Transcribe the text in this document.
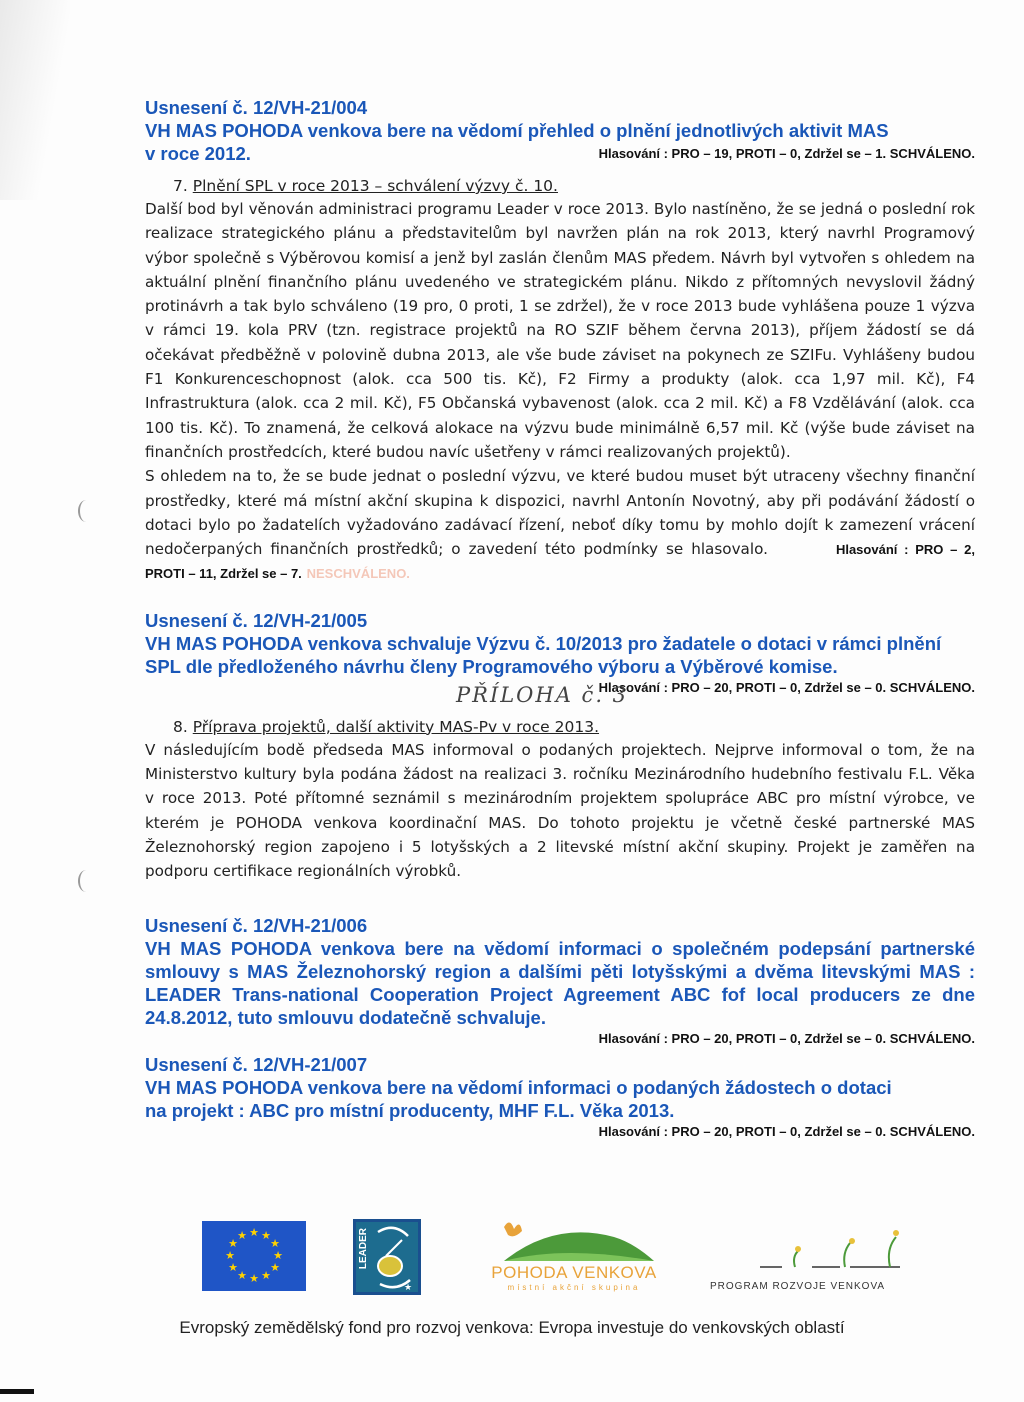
Usnesení č. 12/VH-21/004
VH MAS POHODA venkova bere na vědomí přehled o plnění jednotlivých aktivit MAS
Hlasování : PRO – 19, PROTI – 0, Zdržel se – 1. SCHVÁLENO.
v roce 2012.
7. Plnění SPL v roce 2013 – schválení výzvy č. 10.
Další bod byl věnován administraci programu Leader v roce 2013. Bylo nastíněno, že se jedná o poslední rok realizace strategického plánu a představitelům byl navržen plán na rok 2013, který navrhl Programový výbor společně s Výběrovou komisí a jenž byl zaslán členům MAS předem. Návrh byl vytvořen s ohledem na aktuální plnění finančního plánu uvedeného ve strategickém plánu. Nikdo z přítomných nevyslovil žádný protinávrh a tak bylo schváleno (19 pro, 0 proti, 1 se zdržel), že v roce 2013 bude vyhlášena pouze 1 výzva v rámci 19. kola PRV (tzn. registrace projektů na RO SZIF během června 2013), příjem žádostí se dá očekávat předběžně v polovině dubna 2013, ale vše bude záviset na pokynech ze SZIFu. Vyhlášeny budou F1 Konkurenceschopnost (alok. cca 500 tis. Kč), F2 Firmy a produkty (alok. cca 1,97 mil. Kč), F4 Infrastruktura (alok. cca 2 mil. Kč), F5 Občanská vybavenost (alok. cca 2 mil. Kč) a F8 Vzdělávání (alok. cca 100 tis. Kč). To znamená, že celková alokace na výzvu bude minimálně 6,57 mil. Kč (výše bude záviset na finančních prostředcích, které budou navíc ušetřeny v rámci realizovaných projektů).
S ohledem na to, že se bude jednat o poslední výzvu, ve které budou muset být utraceny všechny finanční prostředky, které má místní akční skupina k dispozici, navrhl Antonín Novotný, aby při podávání žádostí o dotaci bylo po žadatelích vyžadováno zadávací řízení, neboť díky tomu by mohlo dojít k zamezení vrácení nedočerpaných finančních prostředků; o zavedení této podmínky se hlasovalo.	Hlasování : PRO – 2, PROTI – 11, Zdržel se – 7. NESCHVÁLENO.
Usnesení č. 12/VH-21/005
VH MAS POHODA venkova schvaluje Výzvu č. 10/2013 pro žadatele o dotaci v rámci plnění SPL dle předloženého návrhu členy Programového výboru a Výběrové komise.
Hlasování : PRO – 20, PROTI – 0, Zdržel se – 0. SCHVÁLENO.
8. Příprava projektů, další aktivity MAS-Pv v roce 2013.
V následujícím bodě předseda MAS informoval o podaných projektech. Nejprve informoval o tom, že na Ministerstvo kultury byla podána žádost na realizaci 3. ročníku Mezinárodního hudebního festivalu F.L. Věka v roce 2013. Poté přítomné seznámil s mezinárodním projektem spolupráce ABC pro místní výrobce, ve kterém je POHODA venkova koordinační MAS. Do tohoto projektu je včetně české partnerské MAS Železnohorský region zapojeno i 5 lotyšských a 2 litevské místní akční skupiny. Projekt je zaměřen na podporu certifikace regionálních výrobků.
Usnesení č. 12/VH-21/006
VH MAS POHODA venkova bere na vědomí informaci o společném podepsání partnerské smlouvy s MAS Železnohorský region a dalšími pěti lotyšskými a dvěma litevskými MAS : LEADER Trans-national Cooperation Project Agreement ABC fof local producers ze dne 24.8.2012, tuto smlouvu dodatečně schvaluje.
Hlasování : PRO – 20, PROTI – 0, Zdržel se – 0. SCHVÁLENO.
Usnesení č. 12/VH-21/007
VH MAS POHODA venkova bere na vědomí informaci o podaných žádostech o dotaci
na projekt : ABC pro místní producenty, MHF F.L. Věka 2013.
Hlasování : PRO – 20, PROTI – 0, Zdržel se – 0. SCHVÁLENO.
PŘÍLOHA č. 3
★ ★
★
★
★
★
★
★
★
★
★
★	LEADER
★
POHODA VENKOVA
místní akční skupina	PROGRAM ROZVOJE VENKOVA
Evropský zemědělský fond pro rozvoj venkova: Evropa investuje do venkovských oblastí
